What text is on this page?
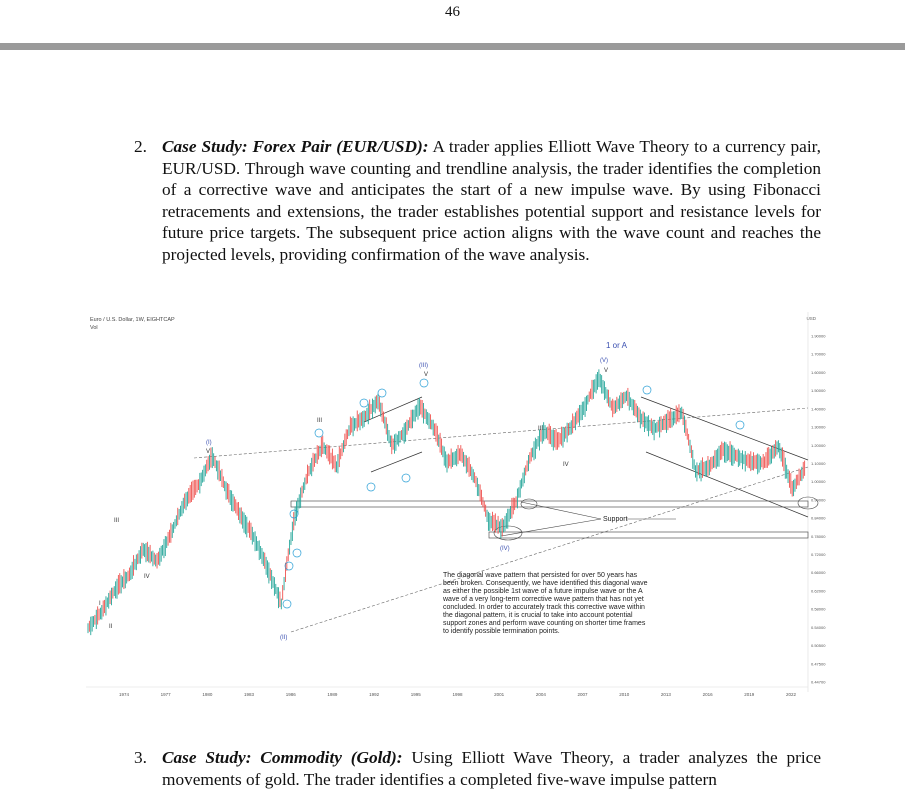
46
2. Case Study: Forex Pair (EUR/USD): A trader applies Elliott Wave Theory to a currency pair, EUR/USD. Through wave counting and trendline analysis, the trader identifies the completion of a corrective wave and anticipates the start of a new impulse wave. By using Fibonacci retracements and extensions, the trader establishes potential support and resistance levels for future price targets. The subsequent price action aligns with the wave count and reaches the projected levels, providing confirmation of the wave analysis.
Euro / U.S. Dollar, 1W, EIGHTCAP
Vol
USD
1.90000
1.70000
1.60000
1.50000
1.40000
1.30000
1.20000
1.10000
1.00000
0.90000
0.84000
0.78000
0.72000
0.66000
0.62000
0.58000
0.54000
0.50500
0.47500
0.44700
1974	1977	1980	1983	1986	1989	1992	1995	1998	2001	2004	2007	2010	2013	2016	2019	2022
Support
1 or A
(V)
V
(IV)
(III)
V
(II)
(I)
V
III
IV
II
I
III
III
IV
The diagonal wave pattern that persisted for over 50 years has
been broken. Consequently, we have identified this diagonal wave
as either the possible 1st wave of a future impulse wave or the A
wave of a very long-term corrective wave pattern that has not yet
concluded. In order to accurately track this corrective wave within
the diagonal pattern, it is crucial to take into account potential
support zones and perform wave counting on shorter time frames
to identify possible termination points.
3. Case Study: Commodity (Gold): Using Elliott Wave Theory, a trader analyzes the price movements of gold. The trader identifies a completed five-wave impulse pattern
